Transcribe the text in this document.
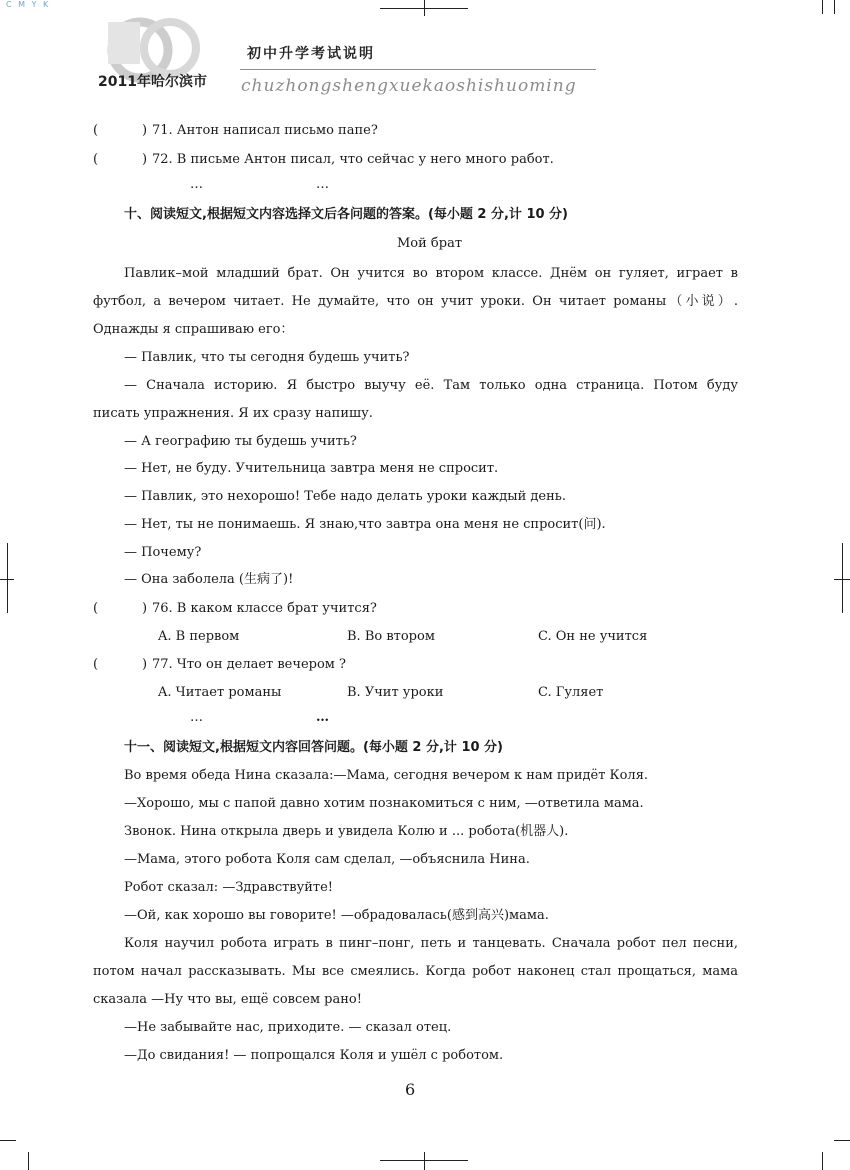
C M Y K
2011年哈尔滨市
初中升学考试说明
chuzhongshengxuekaoshishuoming
(	) 71. Антон написал письмо папе?
(	) 72. В письме Антон писал, что сейчас у него много работ.
…	…
十、阅读短文,根据短文内容选择文后各问题的答案。(每小题 2 分,计 10 分)
Мой брат
Павлик–мой младший брат. Он учится во втором классе. Днём он гуляет, играет в
футбол, а вечером читает. Не думайте, что он учит уроки. Он читает романы（小说）.
Однажды я спрашиваю его：
— Павлик, что ты сегодня будешь учить?
— Сначала историю. Я быстро выучу её. Там только одна страница. Потом буду
писать упражнения. Я их сразу напишу.
— А географию ты будешь учить?
— Нет, не буду. Учительница завтра меня не спросит.
— Павлик, это нехорошо! Тебе надо делать уроки каждый день.
— Нет, ты не понимаешь. Я знаю,что завтра она меня не спросит(问).
— Почему?
— Она заболела (生病了)!
(	) 76. В каком классе брат учится?
A. В первом	B. Во втором	C. Он не учится
(	) 77. Что он делает вечером ?
A. Читает романы	B. Учит уроки	C. Гуляет
…	…
十一、阅读短文,根据短文内容回答问题。(每小题 2 分,计 10 分)
Во время обеда Нина сказала:—Мама, сегодня вечером к нам придёт Коля.
—Хорошо, мы с папой давно хотим познакомиться с ним, —ответила мама.
Звонок. Нина открыла дверь и увидела Колю и ... робота(机器人).
—Мама, этого робота Коля сам сделал, —объяснила Нина.
Робот сказал: —Здравствуйте!
—Ой, как хорошо вы говорите! —обрадовалась(感到高兴)мама.
Коля научил робота играть в пинг–понг, петь и танцевать. Сначала робот пел песни,
потом начал рассказывать. Мы все смеялись. Когда робот наконец стал прощаться, мама
сказала —Ну что вы, ещё совсем рано!
—Не забывайте нас, приходите. — сказал отец.
—До свидания! — попрощался Коля и ушёл с роботом.
6
